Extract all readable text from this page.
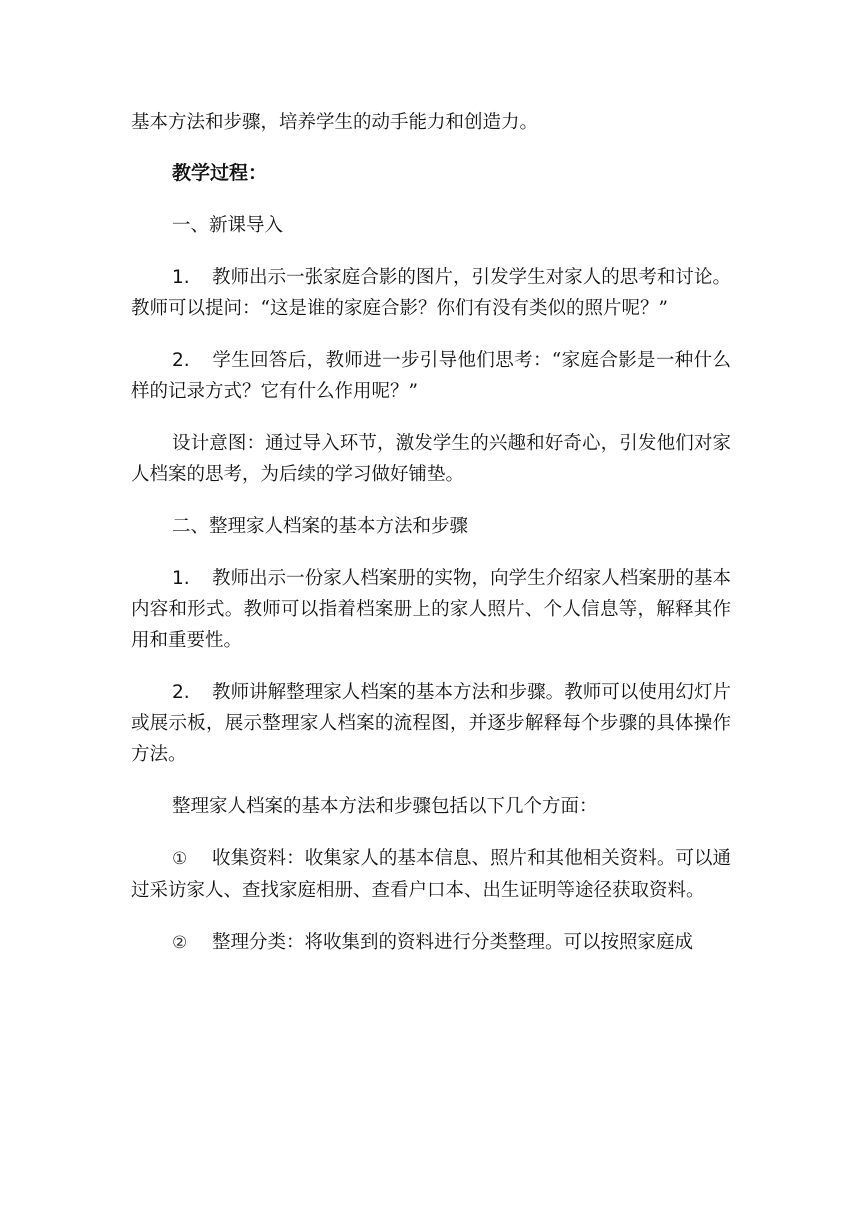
基本方法和步骤，培养学生的动手能力和创造力。

教学过程：

一、新课导入

1. 教师出示一张家庭合影的图片，引发学生对家人的思考和讨论。教师可以提问：“这是谁的家庭合影？你们有没有类似的照片呢？”

2. 学生回答后，教师进一步引导他们思考：“家庭合影是一种什么样的记录方式？它有什么作用呢？”

设计意图：通过导入环节，激发学生的兴趣和好奇心，引发他们对家人档案的思考，为后续的学习做好铺垫。

二、整理家人档案的基本方法和步骤

1. 教师出示一份家人档案册的实物，向学生介绍家人档案册的基本内容和形式。教师可以指着档案册上的家人照片、个人信息等，解释其作用和重要性。

2. 教师讲解整理家人档案的基本方法和步骤。教师可以使用幻灯片或展示板，展示整理家人档案的流程图，并逐步解释每个步骤的具体操作方法。

整理家人档案的基本方法和步骤包括以下几个方面：

① 收集资料：收集家人的基本信息、照片和其他相关资料。可以通过采访家人、查找家庭相册、查看户口本、出生证明等途径获取资料。

② 整理分类：将收集到的资料进行分类整理。可以按照家庭成
